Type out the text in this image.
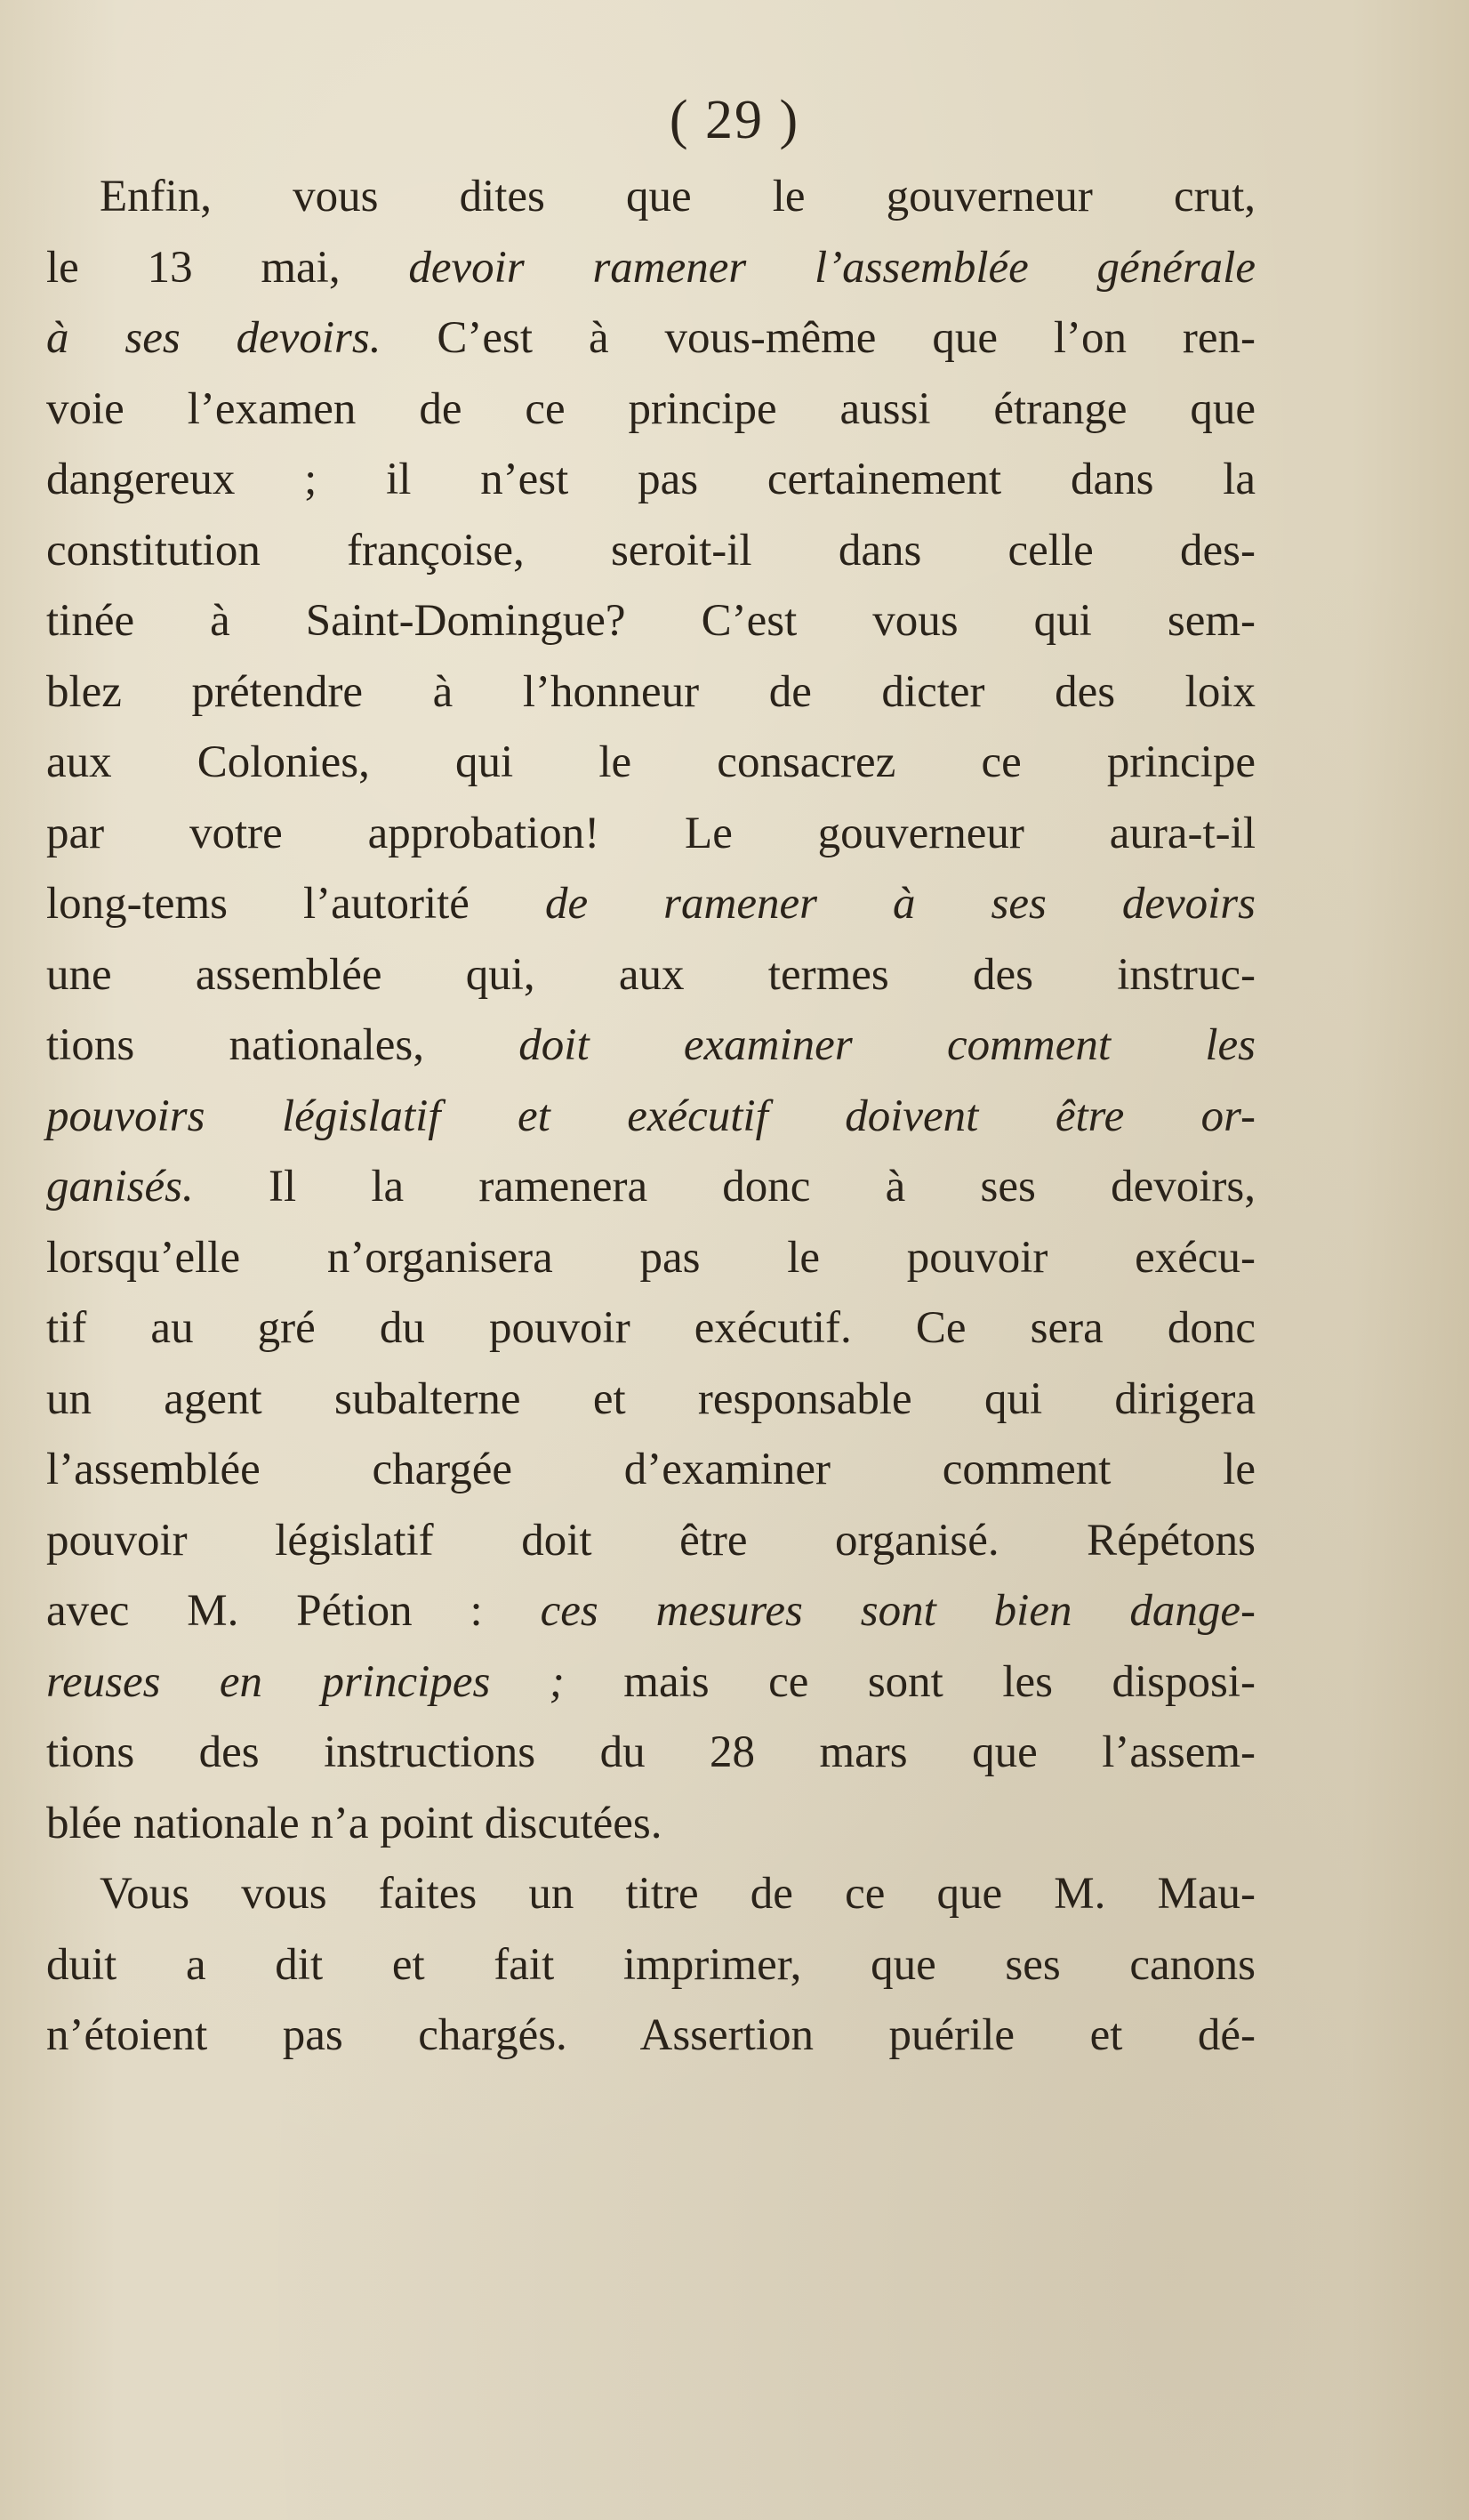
( 29 )
Enfin, vous dites que le gouverneur crut,
le 13 mai, devoir ramener l’assemblée générale
à ses devoirs. C’est à vous-même que l’on ren-
voie l’examen de ce principe aussi étrange que
dangereux ; il n’est pas certainement dans la
constitution françoise, seroit-il dans celle des-
tinée à Saint-Domingue? C’est vous qui sem-
blez prétendre à l’honneur de dicter des loix
aux Colonies, qui le consacrez ce principe
par votre approbation! Le gouverneur aura-t-il
long-tems l’autorité de ramener à ses devoirs
une assemblée qui, aux termes des instruc-
tions nationales, doit examiner comment les
pouvoirs législatif et exécutif doivent être or-
ganisés. Il la ramenera donc à ses devoirs,
lorsqu’elle n’organisera pas le pouvoir exécu-
tif au gré du pouvoir exécutif. Ce sera donc
un agent subalterne et responsable qui dirigera
l’assemblée chargée d’examiner comment le
pouvoir législatif doit être organisé. Répétons
avec M. Pétion : ces mesures sont bien dange-
reuses en principes ; mais ce sont les disposi-
tions des instructions du 28 mars que l’assem-
blée nationale n’a point discutées.
Vous vous faites un titre de ce que M. Mau-
duit a dit et fait imprimer, que ses canons
n’étoient pas chargés. Assertion puérile et dé-
